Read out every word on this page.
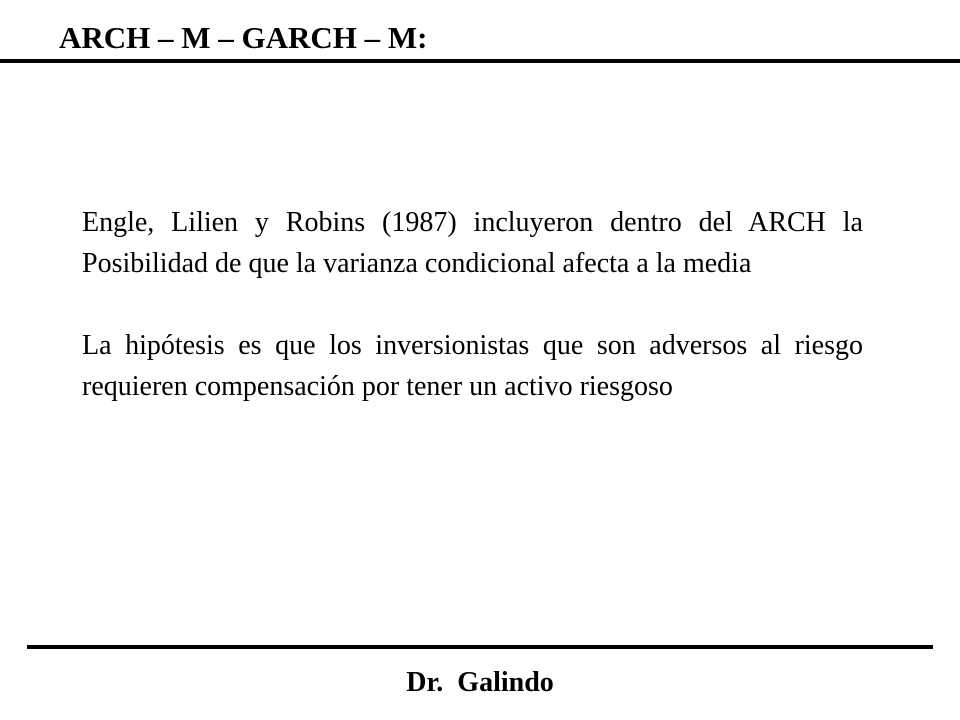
ARCH – M – GARCH – M:

Engle, Lilien y Robins (1987) incluyeron dentro del ARCH la Posibilidad de que la varianza condicional afecta a la media

La hipótesis es que los inversionistas que son adversos al riesgo requieren compensación por tener un activo riesgoso

Dr.  Galindo
